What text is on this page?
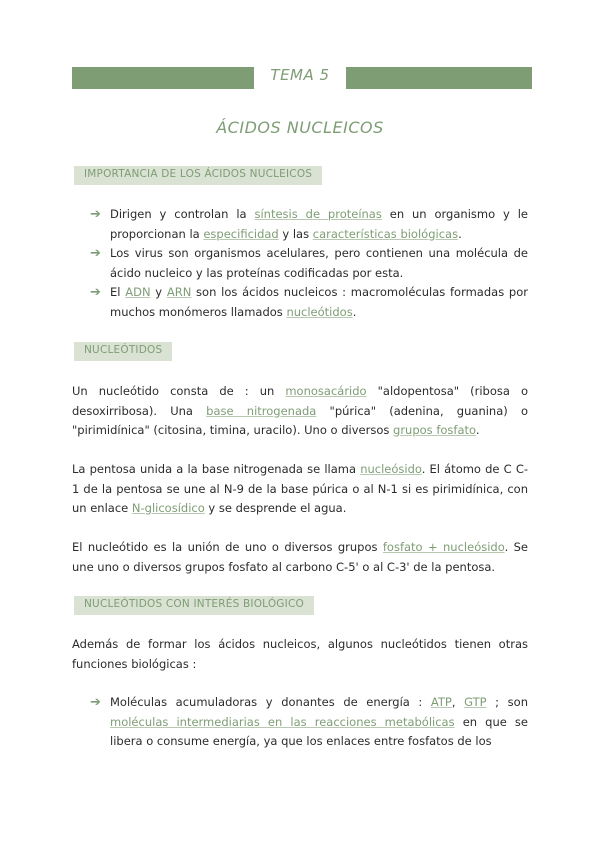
TEMA 5
ÁCIDOS NUCLEICOS
IMPORTANCIA DE LOS ÁCIDOS NUCLEICOS
➔ Dirigen y controlan la síntesis de proteínas en un organismo y le proporcionan la especificidad y las características biológicas.
➔ Los virus son organismos acelulares, pero contienen una molécula de ácido nucleico y las proteínas codificadas por esta.
➔ El ADN y ARN son los ácidos nucleicos : macromoléculas formadas por muchos monómeros llamados nucleótidos.
NUCLEÓTIDOS

Un nucleótido consta de : un monosacárido "aldopentosa" (ribosa o desoxirribosa). Una base nitrogenada "púrica" (adenina, guanina) o "pirimidínica" (citosina, timina, uracilo). Uno o diversos grupos fosfato.

La pentosa unida a la base nitrogenada se llama nucleósido. El átomo de C C-1 de la pentosa se une al N-9 de la base púrica o al N-1 si es pirimidínica, con un enlace N-glicosídico y se desprende el agua.

El nucleótido es la unión de uno o diversos grupos fosfato + nucleósido. Se une uno o diversos grupos fosfato al carbono C-5' o al C-3' de la pentosa.

NUCLEÓTIDOS CON INTERÉS BIOLÓGICO

Además de formar los ácidos nucleicos, algunos nucleótidos tienen otras funciones biológicas :

➔ Moléculas acumuladoras y donantes de energía : ATP, GTP ; son moléculas intermediarias en las reacciones metabólicas en que se libera o consume energía, ya que los enlaces entre fosfatos de los
